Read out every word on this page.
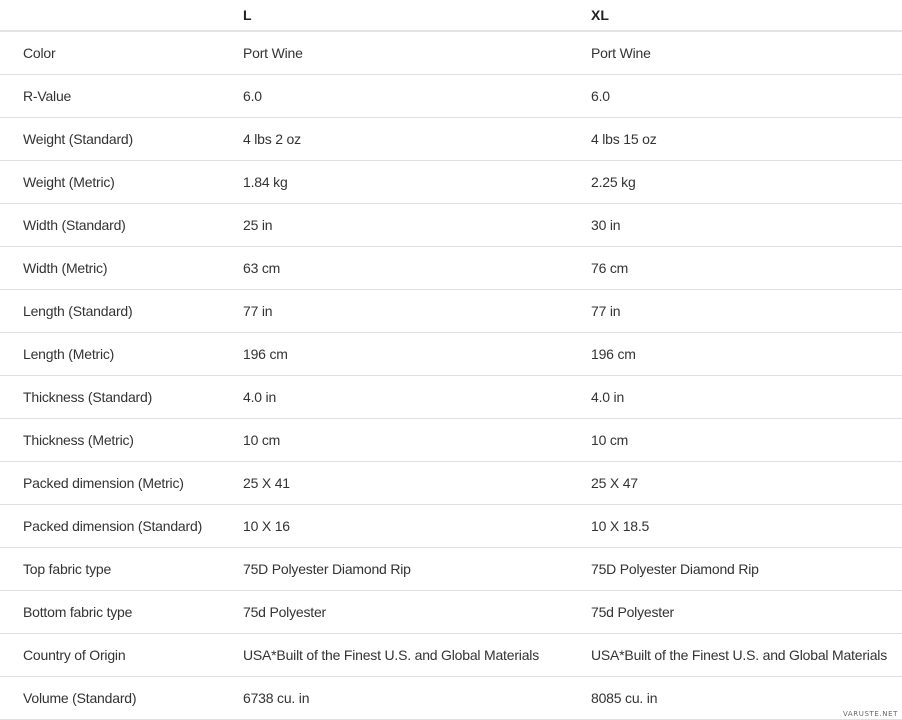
	L	XL
Color	Port Wine	Port Wine
R-Value	6.0	6.0
Weight (Standard)	4 lbs 2 oz	4 lbs 15 oz
Weight (Metric)	1.84 kg	2.25 kg
Width (Standard)	25 in	30 in
Width (Metric)	63 cm	76 cm
Length (Standard)	77 in	77 in
Length (Metric)	196 cm	196 cm
Thickness (Standard)	4.0 in	4.0 in
Thickness (Metric)	10 cm	10 cm
Packed dimension (Metric)	25 X 41	25 X 47
Packed dimension (Standard)	10 X 16	10 X 18.5
Top fabric type	75D Polyester Diamond Rip	75D Polyester Diamond Rip
Bottom fabric type	75d Polyester	75d Polyester
Country of Origin	USA*Built of the Finest U.S. and Global Materials	USA*Built of the Finest U.S. and Global Materials
Volume (Standard)	6738 cu. in	8085 cu. in
VARUSTE.NET
